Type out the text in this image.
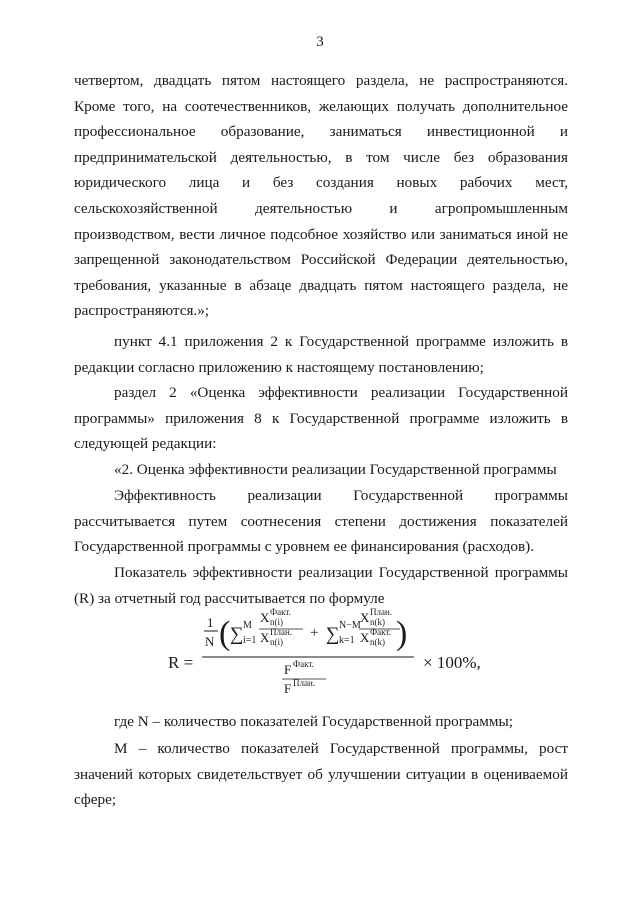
3

четвертом, двадцать пятом настоящего раздела, не распространяются. Кроме того, на соотечественников, желающих получать дополнительное профессиональное образование, заниматься инвестиционной и предпринимательской деятельностью, в том числе без образования юридического лица и без создания новых рабочих мест, сельскохозяйственной деятельностью и агропромышленным производством, вести личное подсобное хозяйство или заниматься иной не запрещенной законодательством Российской Федерации деятельностью, требования, указанные в абзаце двадцать пятом настоящего раздела, не распространяются.»;

пункт 4.1 приложения 2 к Государственной программе изложить в редакции согласно приложению к настоящему постановлению;

раздел 2 «Оценка эффективности реализации Государственной программы» приложения 8 к Государственной программе изложить в следующей редакции:

«2. Оценка эффективности реализации Государственной программы

Эффективность реализации Государственной программы рассчитывается путем соотнесения степени достижения показателей Государственной программы с уровнем ее финансирования (расходов).

Показатель эффективности реализации Государственной программы (R) за отчетный год рассчитывается по формуле

R =
1
N (	)
∑ M
i=1
X Факт.
n(i)
X План.
n(i)
+ ∑ N−M
k=1
X План.
n(k)
X Факт.
n(k)
F Факт.
F План.
× 100%,

где N – количество показателей Государственной программы;

M – количество показателей Государственной программы, рост значений которых свидетельствует об улучшении ситуации в оцениваемой сфере;
